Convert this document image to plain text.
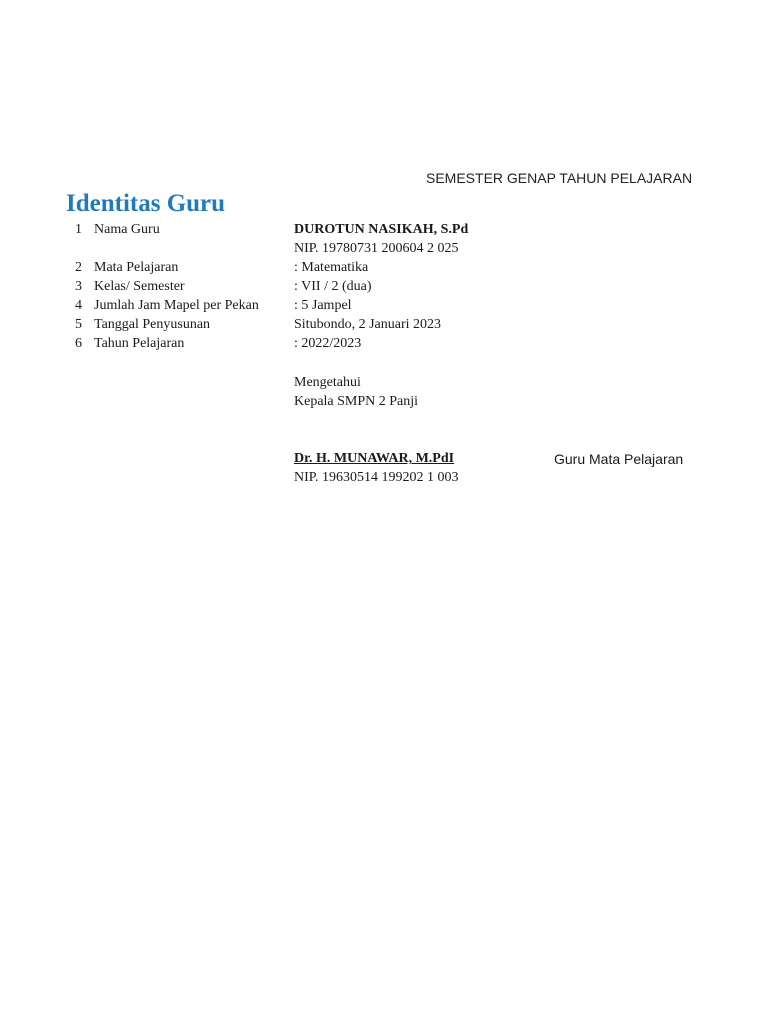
SEMESTER GENAP TAHUN PELAJARAN
Identitas Guru
1 Nama Guru	DUROTUN NASIKAH, S.Pd
NIP. 19780731 200604 2 025
2 Mata Pelajaran	: Matematika
3 Kelas/ Semester	: VII / 2 (dua)
4 Jumlah Jam Mapel per Pekan	: 5 Jampel
5 Tanggal Penyusunan	Situbondo, 2 Januari 2023
6 Tahun Pelajaran	: 2022/2023
Mengetahui
Kepala SMPN 2 Panji
Dr. H. MUNAWAR, M.PdI
NIP. 19630514 199202 1 003
Guru Mata Pelajaran
